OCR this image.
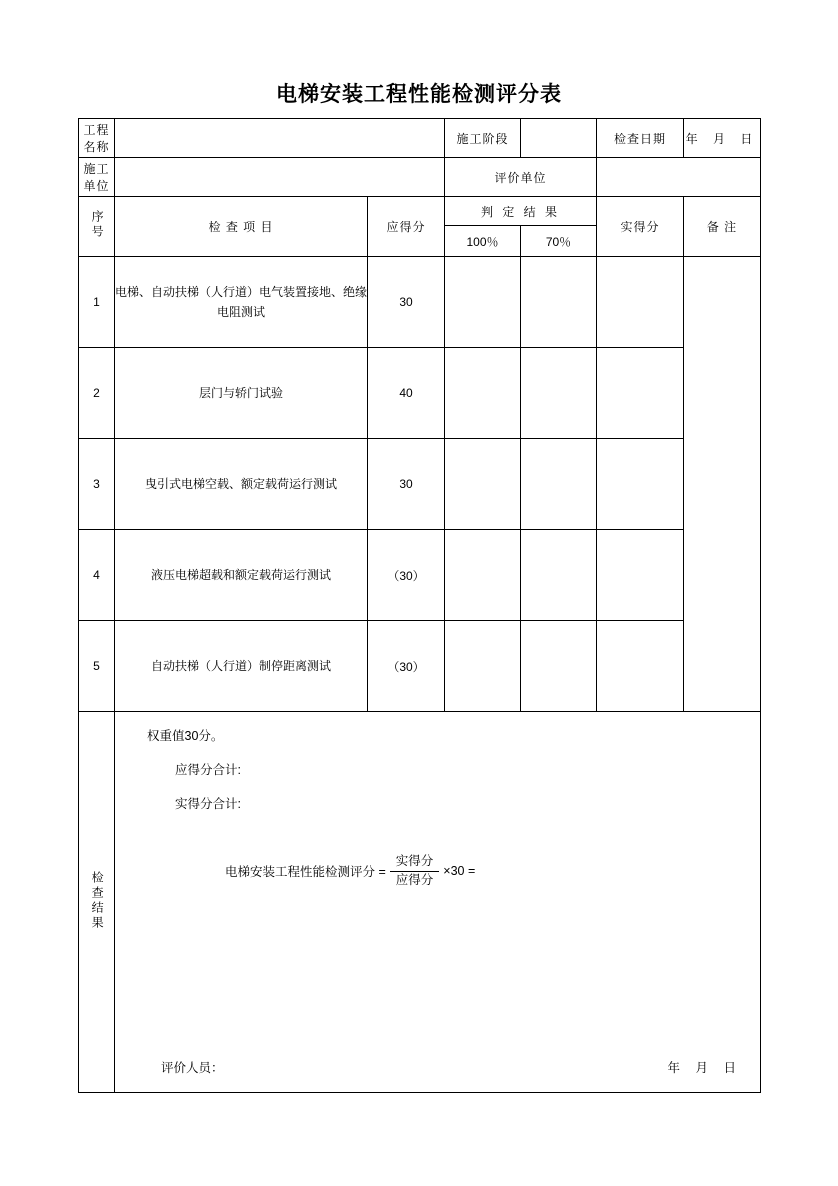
电梯安装工程性能检测评分表
工程名称			施工阶段		检查日期	年 月 日
施工单位			评价单位			
序号	检 查 项 目	应得分	判 定 结 果		实得分	备 注
			100％	70％		
1	电梯、自动扶梯（人行道）电气装置接地、绝缘电阻测试	30				
2	层门与轿门试验	40				
3	曳引式电梯空载、额定载荷运行测试	30				
4	液压电梯超载和额定载荷运行测试	（30）				
5	自动扶梯（人行道）制停距离测试	（30）				
检查结果	
权重值30分。
应得分合计:
实得分合计:
电梯安装工程性能检测评分 = $\frac{\text{实得分}}{\text{应得分}} \times 30$ =
评价人员：	年 月 日
